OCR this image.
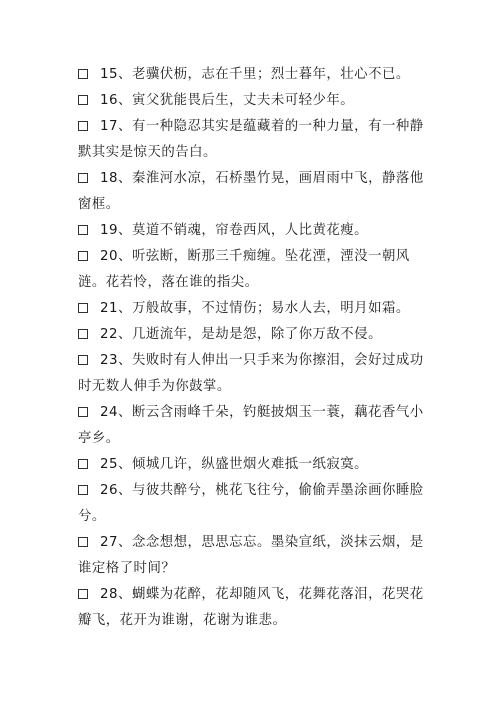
15、老骥伏枥，志在千里；烈士暮年，壮心不已。
16、寅父犹能畏后生，丈夫未可轻少年。
17、有一种隐忍其实是蕴藏着的一种力量，有一种静默其实是惊天的告白。
18、秦淮河水凉，石桥墨竹晃，画眉雨中飞，静落他窗框。
19、莫道不销魂，帘卷西风，人比黄花瘦。
20、听弦断，断那三千痴缠。坠花湮，湮没一朝风涟。花若怜，落在谁的指尖。
21、万般故事，不过情伤；易水人去，明月如霜。
22、几逝流年，是劫是怨，除了你万敌不侵。
23、失败时有人伸出一只手来为你擦泪，会好过成功时无数人伸手为你鼓掌。
24、断云含雨峰千朵，钓艇披烟玉一蓑，藕花香气小亭乡。
25、倾城几许，纵盛世烟火难抵一纸寂寞。
26、与彼共醉兮，桃花飞往兮，偷偷弄墨涂画你睡脸兮。
27、念念想想，思思忘忘。墨染宣纸，淡抹云烟，是谁定格了时间？
28、蝴蝶为花醉，花却随风飞，花舞花落泪，花哭花瓣飞，花开为谁谢，花谢为谁悲。
